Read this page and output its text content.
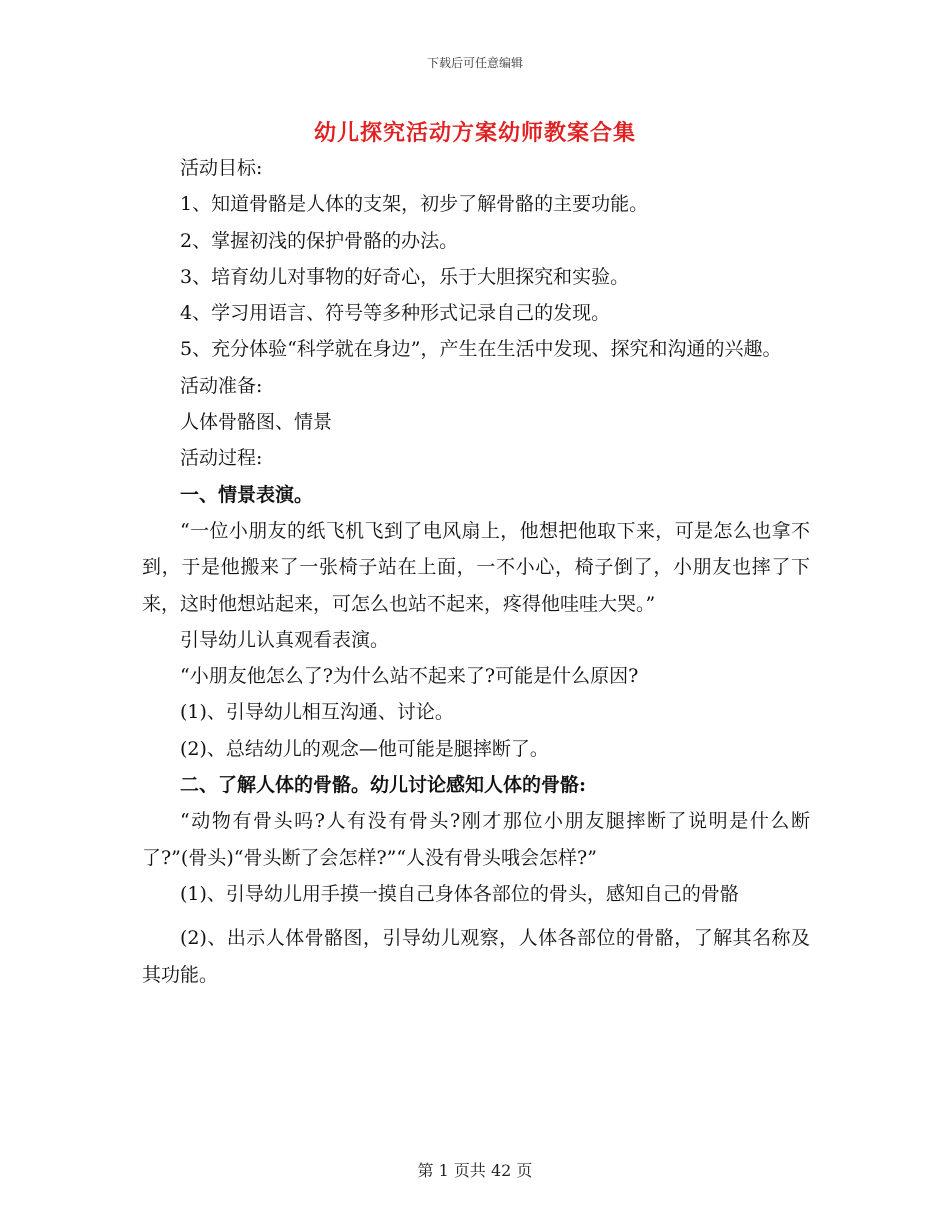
下载后可任意编辑
幼儿探究活动方案幼师教案合集

活动目标:

1、知道骨骼是人体的支架，初步了解骨骼的主要功能。

2、掌握初浅的保护骨骼的办法。

3、培育幼儿对事物的好奇心，乐于大胆探究和实验。

4、学习用语言、符号等多种形式记录自己的发现。

5、充分体验“科学就在身边”，产生在生活中发现、探究和沟通的兴趣。

活动准备:

人体骨骼图、情景

活动过程:

一、情景表演。

“一位小朋友的纸飞机飞到了电风扇上，他想把他取下来，可是怎么也拿不到，于是他搬来了一张椅子站在上面，一不小心，椅子倒了，小朋友也摔了下来，这时他想站起来，可怎么也站不起来，疼得他哇哇大哭。”

引导幼儿认真观看表演。

“小朋友他怎么了?为什么站不起来了?可能是什么原因?

(1)、引导幼儿相互沟通、讨论。

(2)、总结幼儿的观念—他可能是腿摔断了。

二、了解人体的骨骼。幼儿讨论感知人体的骨骼:

“动物有骨头吗?人有没有骨头?刚才那位小朋友腿摔断了说明是什么断了?”(骨头)“骨头断了会怎样?”“人没有骨头哦会怎样?”

(1)、引导幼儿用手摸一摸自己身体各部位的骨头，感知自己的骨骼

(2)、出示人体骨骼图，引导幼儿观察，人体各部位的骨骼，了解其名称及其功能。

第 1 页共 42 页
